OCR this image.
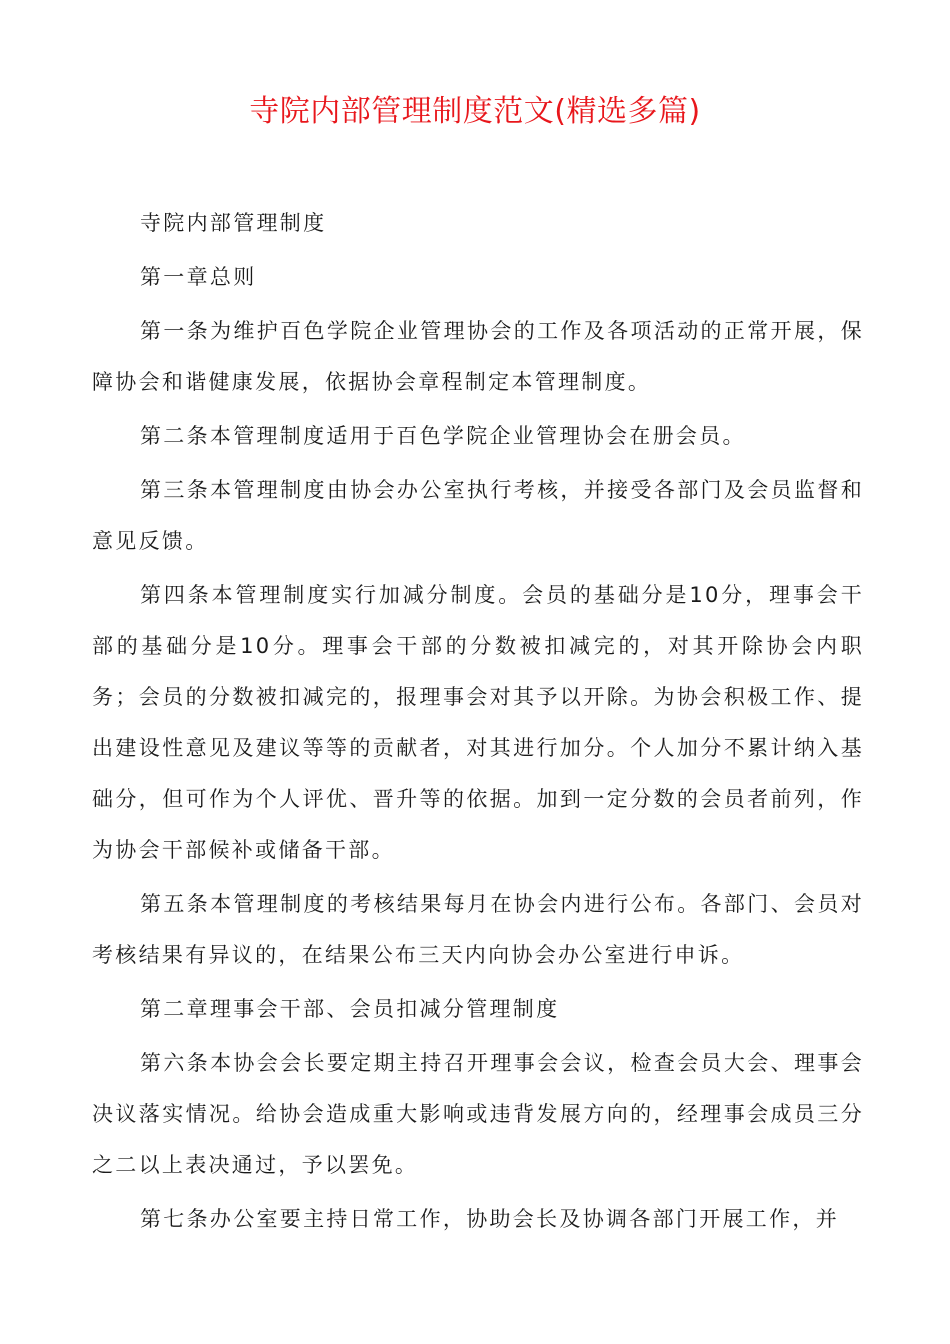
寺院内部管理制度范文(精选多篇)

寺院内部管理制度

第一章总则

第一条为维护百色学院企业管理协会的工作及各项活动的正常开展，保障协会和谐健康发展，依据协会章程制定本管理制度。

第二条本管理制度适用于百色学院企业管理协会在册会员。

第三条本管理制度由协会办公室执行考核，并接受各部门及会员监督和意见反馈。

第四条本管理制度实行加减分制度。会员的基础分是10分，理事会干部的基础分是10分。理事会干部的分数被扣减完的，对其开除协会内职务；会员的分数被扣减完的，报理事会对其予以开除。为协会积极工作、提出建设性意见及建议等等的贡献者，对其进行加分。个人加分不累计纳入基础分，但可作为个人评优、晋升等的依据。加到一定分数的会员者前列，作为协会干部候补或储备干部。

第五条本管理制度的考核结果每月在协会内进行公布。各部门、会员对考核结果有异议的，在结果公布三天内向协会办公室进行申诉。

第二章理事会干部、会员扣减分管理制度

第六条本协会会长要定期主持召开理事会会议，检查会员大会、理事会决议落实情况。给协会造成重大影响或违背发展方向的，经理事会成员三分之二以上表决通过，予以罢免。

第七条办公室要主持日常工作，协助会长及协调各部门开展工作，并
